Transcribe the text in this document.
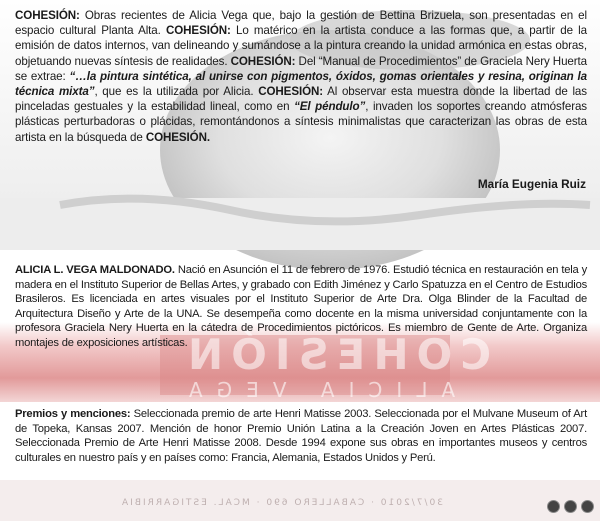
COHESIÓN
ALICIA VEGA
30/7/2010 · CABALLERO 690 · MCAL. ESTIGARRIBIA
COHESIÓN: Obras recientes de Alicia Vega que, bajo la gestión de Bettina Brizuela, son presentadas en el espacio cultural Planta Alta. COHESIÓN: Lo matérico en la artista conduce a las formas que, a partir de la emisión de datos internos, van delineando y sumándose a la pintura creando la unidad armónica en estas obras, objetuando nuevas síntesis de realidades. COHESIÓN: Del “Manual de Procedimientos” de Graciela Nery Huerta se extrae: “…la pintura sintética, al unirse con pigmentos, óxidos, gomas orientales y resina, originan la técnica mixta”, que es la utilizada por Alicia. COHESIÓN: Al observar esta muestra donde la libertad de las pinceladas gestuales y la estabilidad lineal, como en “El péndulo”, invaden los soportes creando atmósferas plásticas perturbadoras o plácidas, remontándonos a síntesis minimalistas que caracterizan las obras de esta artista en la búsqueda de COHESIÓN.
María Eugenia Ruiz
ALICIA L. VEGA MALDONADO. Nació en Asunción el 11 de febrero de 1976. Estudió técnica en restauración en tela y madera en el Instituto Superior de Bellas Artes, y grabado con Edith Jiménez y Carlo Spatuzza en el Centro de Estudios Brasileros. Es licenciada en artes visuales por el Instituto Superior de Arte Dra. Olga Blinder de la Facultad de Arquitectura Diseño y Arte de la UNA. Se desempeña como docente en la misma universidad conjuntamente con la profesora Graciela Nery Huerta en la cátedra de Procedimientos pictóricos. Es miembro de Gente de Arte. Organiza montajes de exposiciones artísticas.
Premios y menciones: Seleccionada premio de arte Henri Matisse 2003. Seleccionada por el Mulvane Museum of Art de Topeka, Kansas 2007. Mención de honor Premio Unión Latina a la Creación Joven en Artes Plásticas 2007. Seleccionada Premio de Arte Henri Matisse 2008. Desde 1994 expone sus obras en importantes museos y centros culturales en nuestro país y en países como: Francia, Alemania, Estados Unidos y Perú.
